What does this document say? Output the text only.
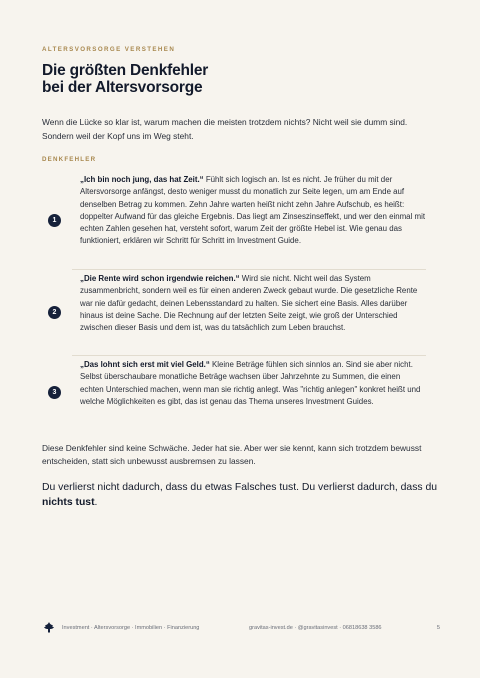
ALTERSVORSORGE VERSTEHEN
Die größten Denkfehler
bei der Altersvorsorge

Wenn die Lücke so klar ist, warum machen die meisten trotzdem nichts? Nicht weil sie dumm sind. Sondern weil der Kopf uns im Weg steht.

DENKFEHLER
1
„Ich bin noch jung, das hat Zeit.“ Fühlt sich logisch an. Ist es nicht. Je früher du mit der Altersvorsorge anfängst, desto weniger musst du monatlich zur Seite legen, um am Ende auf denselben Betrag zu kommen. Zehn Jahre warten heißt nicht zehn Jahre Aufschub, es heißt: doppelter Aufwand für das gleiche Ergebnis. Das liegt am Zinseszinseffekt, und wer den einmal mit echten Zahlen gesehen hat, versteht sofort, warum Zeit der größte Hebel ist. Wie genau das funktioniert, erklären wir Schritt für Schritt im Investment Guide.
2
„Die Rente wird schon irgendwie reichen.“ Wird sie nicht. Nicht weil das System zusammenbricht, sondern weil es für einen anderen Zweck gebaut wurde. Die gesetzliche Rente war nie dafür gedacht, deinen Lebensstandard zu halten. Sie sichert eine Basis. Alles darüber hinaus ist deine Sache. Die Rechnung auf der letzten Seite zeigt, wie groß der Unterschied zwischen dieser Basis und dem ist, was du tatsächlich zum Leben brauchst.
3
„Das lohnt sich erst mit viel Geld.“ Kleine Beträge fühlen sich sinnlos an. Sind sie aber nicht. Selbst überschaubare monatliche Beträge wachsen über Jahrzehnte zu Summen, die einen echten Unterschied machen, wenn man sie richtig anlegt. Was "richtig anlegen" konkret heißt und welche Möglichkeiten es gibt, das ist genau das Thema unseres Investment Guides.

Diese Denkfehler sind keine Schwäche. Jeder hat sie. Aber wer sie kennt, kann sich trotzdem bewusst entscheiden, statt sich unbewusst ausbremsen zu lassen.

Du verlierst nicht dadurch, dass du etwas Falsches tust. Du verlierst dadurch, dass du nichts tust.

Investment · Altersvorsorge · Immobilien · Finanzierung	gravitas-invest.de · @gravitasinvest · 06818638 3586	5
